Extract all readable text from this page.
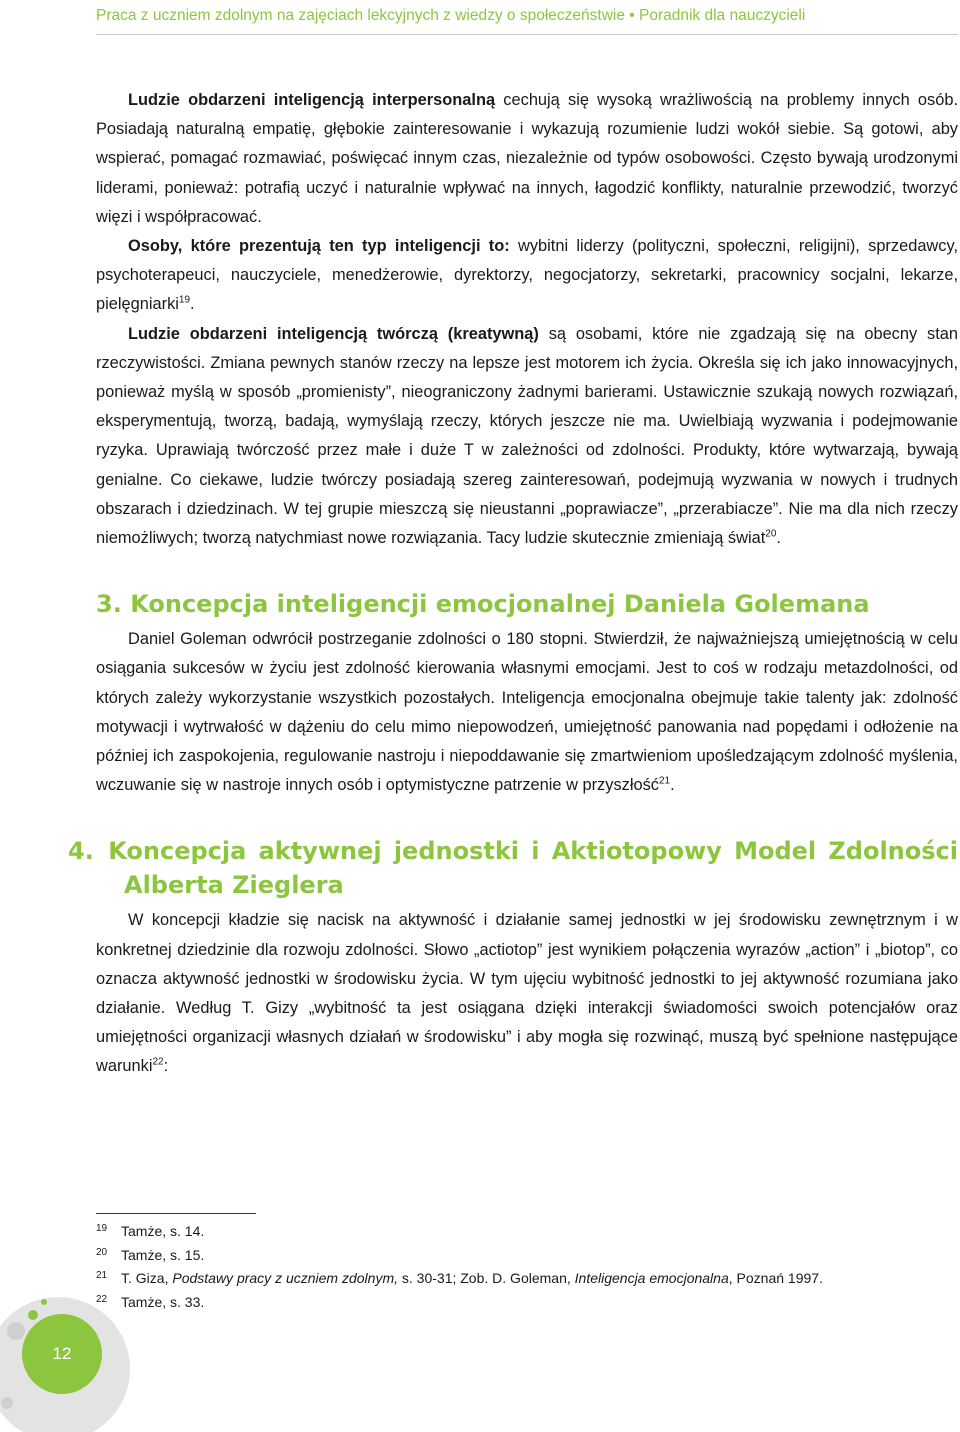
Praca z uczniem zdolnym na zajęciach lekcyjnych z wiedzy o społeczeństwie • Poradnik dla nauczycieli

Ludzie obdarzeni inteligencją interpersonalną cechują się wysoką wrażliwością na problemy innych osób. Posiadają naturalną empatię, głębokie zainteresowanie i wykazują rozumienie ludzi wokół siebie. Są gotowi, aby wspierać, pomagać rozmawiać, poświęcać innym czas, niezależnie od typów osobowości. Często bywają urodzonymi liderami, ponieważ: potrafią uczyć i naturalnie wpływać na innych, łagodzić konflikty, naturalnie przewodzić, tworzyć więzi i współpracować.

Osoby, które prezentują ten typ inteligencji to: wybitni liderzy (polityczni, społeczni, religijni), sprzedawcy, psychoterapeuci, nauczyciele, menedżerowie, dyrektorzy, negocjatorzy, sekretarki, pracownicy socjalni, lekarze, pielęgniarki$^{19}$.

Ludzie obdarzeni inteligencją twórczą (kreatywną) są osobami, które nie zgadzają się na obecny stan rzeczywistości. Zmiana pewnych stanów rzeczy na lepsze jest motorem ich życia. Określa się ich jako innowacyjnych, ponieważ myślą w sposób „promienisty”, nieograniczony żadnymi barierami. Ustawicznie szukają nowych rozwiązań, eksperymentują, tworzą, badają, wymyślają rzeczy, których jeszcze nie ma. Uwielbiają wyzwania i podejmowanie ryzyka. Uprawiają twórczość przez małe i duże T w zależności od zdolności. Produkty, które wytwarzają, bywają genialne. Co ciekawe, ludzie twórczy posiadają szereg zainteresowań, podejmują wyzwania w nowych i trudnych obszarach i dziedzinach. W tej grupie mieszczą się nieustanni „poprawiacze”, „przerabiacze”. Nie ma dla nich rzeczy niemożliwych; tworzą natychmiast nowe rozwiązania. Tacy ludzie skutecznie zmieniają świat$^{20}$.

3. Koncepcja inteligencji emocjonalnej Daniela Golemana

Daniel Goleman odwrócił postrzeganie zdolności o 180 stopni. Stwierdził, że najważniejszą umiejętnością w celu osiągania sukcesów w życiu jest zdolność kierowania własnymi emocjami. Jest to coś w rodzaju metazdolności, od których zależy wykorzystanie wszystkich pozostałych. Inteligencja emocjonalna obejmuje takie talenty jak: zdolność motywacji i wytrwałość w dążeniu do celu mimo niepowodzeń, umiejętność panowania nad popędami i odłożenie na później ich zaspokojenia, regulowanie nastroju i niepoddawanie się zmartwieniom upośledzającym zdolność myślenia, wczuwanie się w nastroje innych osób i optymistyczne patrzenie w przyszłość$^{21}$.

4. Koncepcja aktywnej jednostki i Aktiotopowy Model Zdolności Alberta Zieglera

W koncepcji kładzie się nacisk na aktywność i działanie samej jednostki w jej środowisku zewnętrznym i w konkretnej dziedzinie dla rozwoju zdolności. Słowo „actiotop” jest wynikiem połączenia wyrazów „action” i „biotop”, co oznacza aktywność jednostki w środowisku życia. W tym ujęciu wybitność jednostki to jej aktywność rozumiana jako działanie. Według T. Gizy „wybitność ta jest osiągana dzięki interakcji świadomości swoich potencjałów oraz umiejętności organizacji własnych działań w środowisku” i aby mogła się rozwinąć, muszą być spełnione następujące warunki$^{22}$:

19 Tamże, s. 14.
20 Tamże, s. 15.
21 T. Giza, Podstawy pracy z uczniem zdolnym, s. 30-31; Zob. D. Goleman, Inteligencja emocjonalna, Poznań 1997.
22 Tamże, s. 33.
12
